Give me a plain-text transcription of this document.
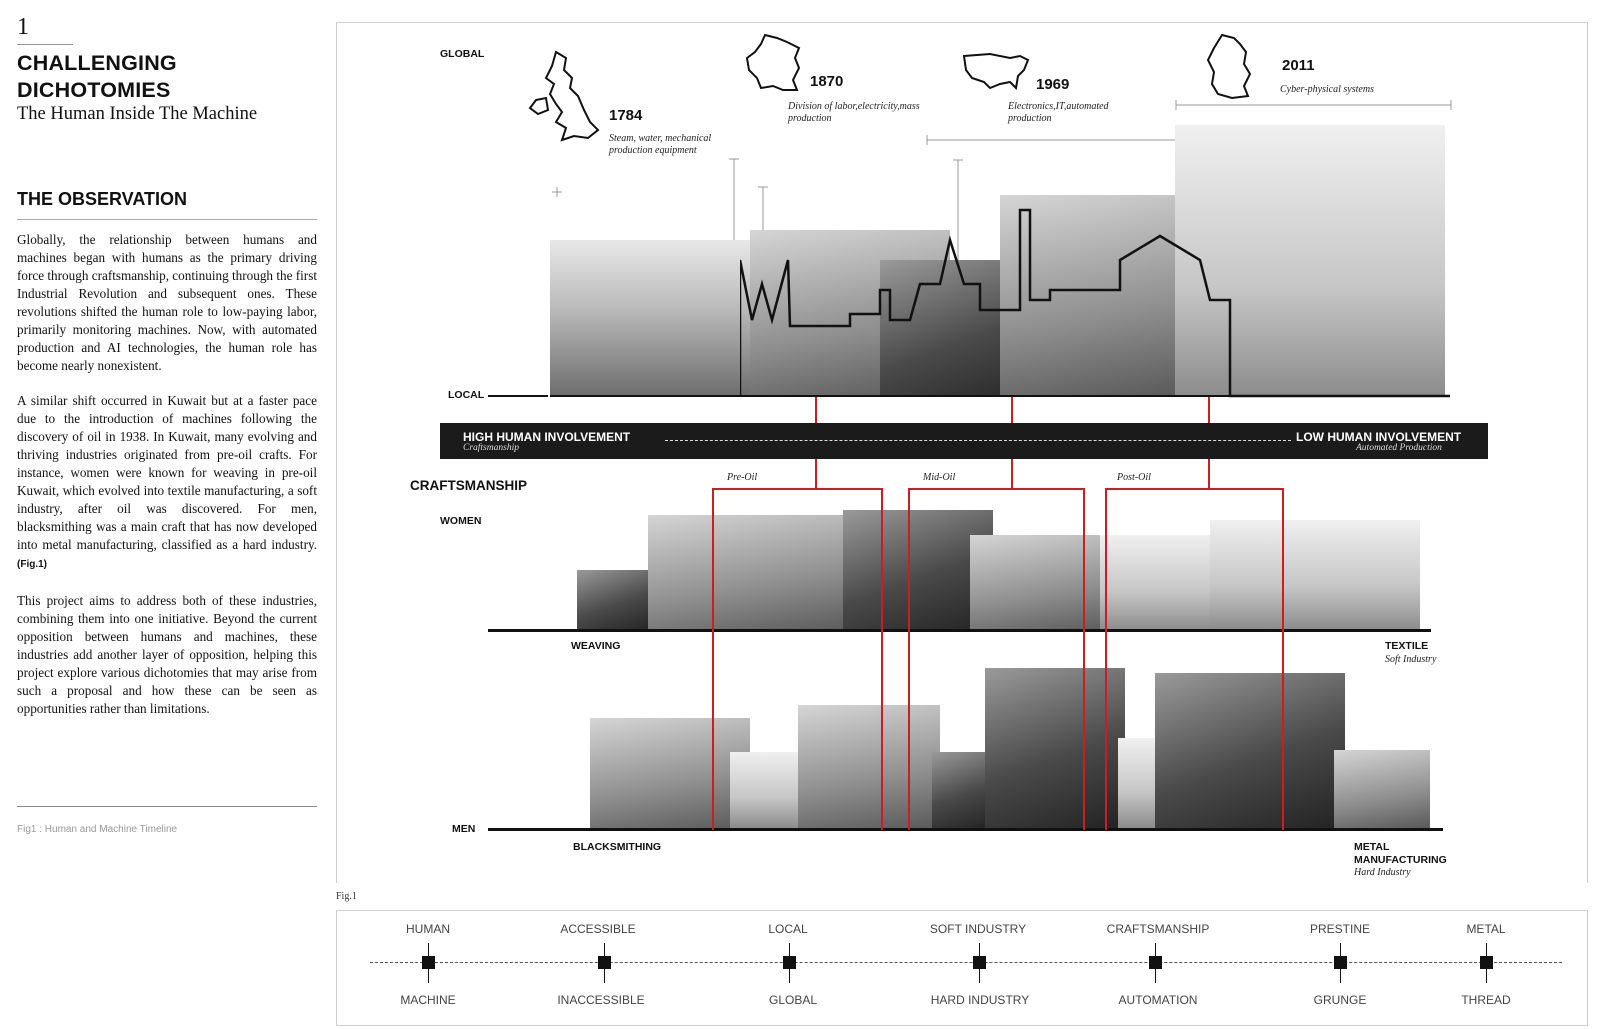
1
CHALLENGING
DICHOTOMIES
The Human Inside The Machine
THE OBSERVATION
Globally, the relationship between humans and machines began with humans as the primary driving force through craftsmanship, continuing through the first Industrial Revolution and subsequent ones. These revolutions shifted the human role to low-paying labor, primarily monitoring machines. Now, with automated production and AI technologies, the human role has become nearly nonexistent.
A similar shift occurred in Kuwait but at a faster pace due to the introduction of machines following the discovery of oil in 1938. In Kuwait, many evolving and thriving industries originated from pre-oil crafts. For instance, women were known for weaving in pre-oil Kuwait, which evolved into textile manufacturing, a soft industry, after oil was discovered. For men, blacksmithing was a main craft that has now developed into metal manufacturing, classified as a hard industry.(Fig.1)
This project aims to address both of these industries, combining them into one initiative. Beyond the current opposition between humans and machines, these industries add another layer of opposition, helping this project explore various dichotomies that may arise from such a proposal and how these can be seen as opportunities rather than limitations.
Fig1 : Human and Machine Timeline
GLOBAL
LOCAL
1784
Steam, water, mechanical production equipment
1870
Division of labor,electricity,mass production
1969
Electronics,IT,automated production
2011
Cyber-physical systems
HIGH HUMAN INVOLVEMENT
Craftsmanship
LOW HUMAN INVOLVEMENT
Automated Production
CRAFTSMANSHIP
Pre-Oil	Mid-Oil	Post-Oil
WOMEN
WEAVING	TEXTILE
Soft Industry
MEN
BLACKSMITHING	METAL
MANUFACTURING
Hard Industry
Fig.1
HUMAN
MACHINE
ACCESSIBLE
INACCESSIBLE
LOCAL
GLOBAL
SOFT INDUSTRY
HARD INDUSTRY
CRAFTSMANSHIP
AUTOMATION
PRESTINE
GRUNGE
METAL
THREAD
